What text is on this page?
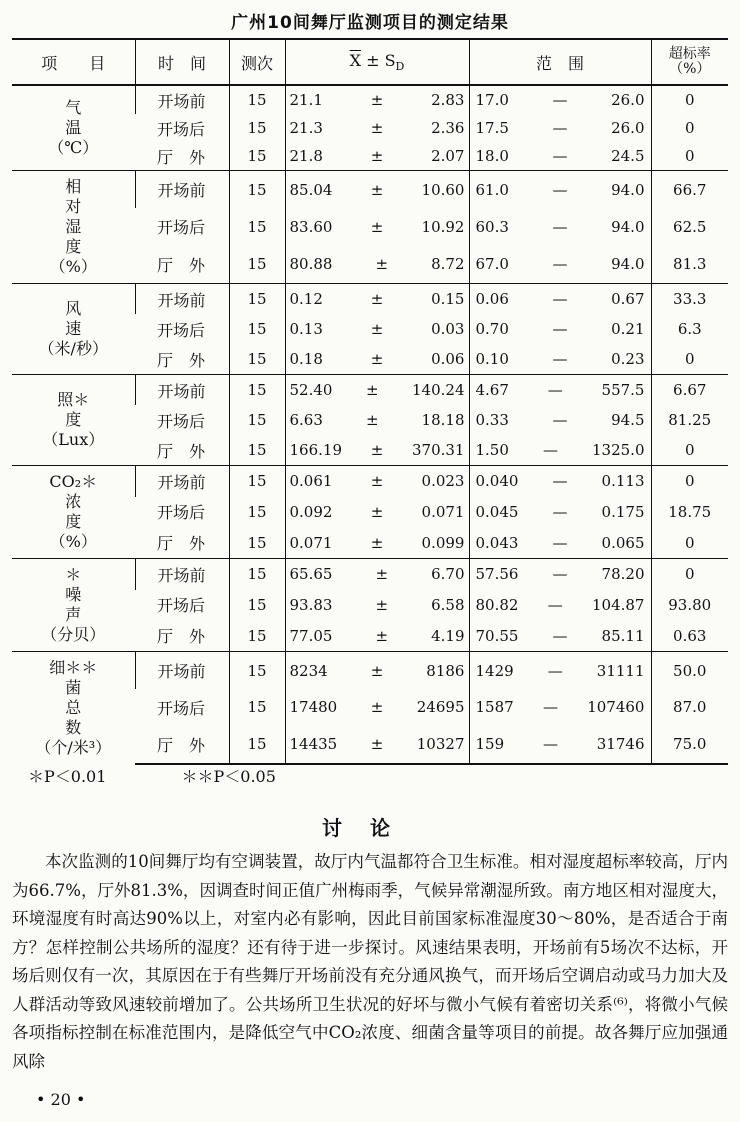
广州10间舞厅监测项目的测定结果
项　　目	时　间	测次	$\overline{X} \pm S_D$	范　围	超标率 （%）

气
温
（℃）	开场前	15	21.1 ± 2.83	17.0 — 26.0	0
	开场后	15	21.3 ± 2.36	17.5 — 26.0	0
	厅　外	15	21.8 ± 2.07	18.0 — 24.5	0

相
对
湿
度
（%）	开场前	15	85.04 ± 10.60	61.0 — 94.0	66.7
	开场后	15	83.60 ± 10.92	60.3 — 94.0	62.5
	厅　外	15	80.88 ± 8.72	67.0 — 94.0	81.3

风
速
（米/秒）	开场前	15	0.12 ± 0.15	0.06 — 0.67	33.3
	开场后	15	0.13 ± 0.03	0.70 — 0.21	6.3
	厅　外	15	0.18 ± 0.06	0.10 — 0.23	0

照＊
度
（Lux）	开场前	15	52.40 ± 140.24	4.67 — 557.5	6.67
	开场后	15	6.63 ± 18.18	0.33 — 94.5	81.25
	厅　外	15	166.19 ± 370.31	1.50 — 1325.0	0

CO₂＊
浓
度
（%）	开场前	15	0.061 ± 0.023	0.040 — 0.113	0
	开场后	15	0.092 ± 0.071	0.045 — 0.175	18.75
	厅　外	15	0.071 ± 0.099	0.043 — 0.065	0

＊
噪
声
（分贝）	开场前	15	65.65 ± 6.70	57.56 — 78.20	0
	开场后	15	93.83 ± 6.58	80.82 — 104.87	93.80
	厅　外	15	77.05 ± 4.19	70.55 — 85.11	0.63

细＊＊
菌
总
数
（个/米³）	开场前	15	8234 ± 8186	1429 — 31111	50.0
	开场后	15	17480 ± 24695	1587 — 107460	87.0
	厅　外	15	14435 ± 10327	159 — 31746	75.0
＊P＜0.01	＊＊P＜0.05
讨论
本次监测的10间舞厅均有空调装置，故厅内气温都符合卫生标准。相对湿度超标率较高，厅内为66.7%，厅外81.3%，因调查时间正值广州梅雨季，气候异常潮湿所致。南方地区相对湿度大，环境湿度有时高达90%以上，对室内必有影响，因此目前国家标准湿度30～80%，是否适合于南方？怎样控制公共场所的湿度？还有待于进一步探讨。风速结果表明，开场前有5场次不达标，开场后则仅有一次，其原因在于有些舞厅开场前没有充分通风换气，而开场后空调启动或马力加大及人群活动等致风速较前增加了。公共场所卫生状况的好坏与微小气候有着密切关系⁽⁶⁾，将微小气候各项指标控制在标准范围内，是降低空气中CO₂浓度、细菌含量等项目的前提。故各舞厅应加强通风除
• 20 •
